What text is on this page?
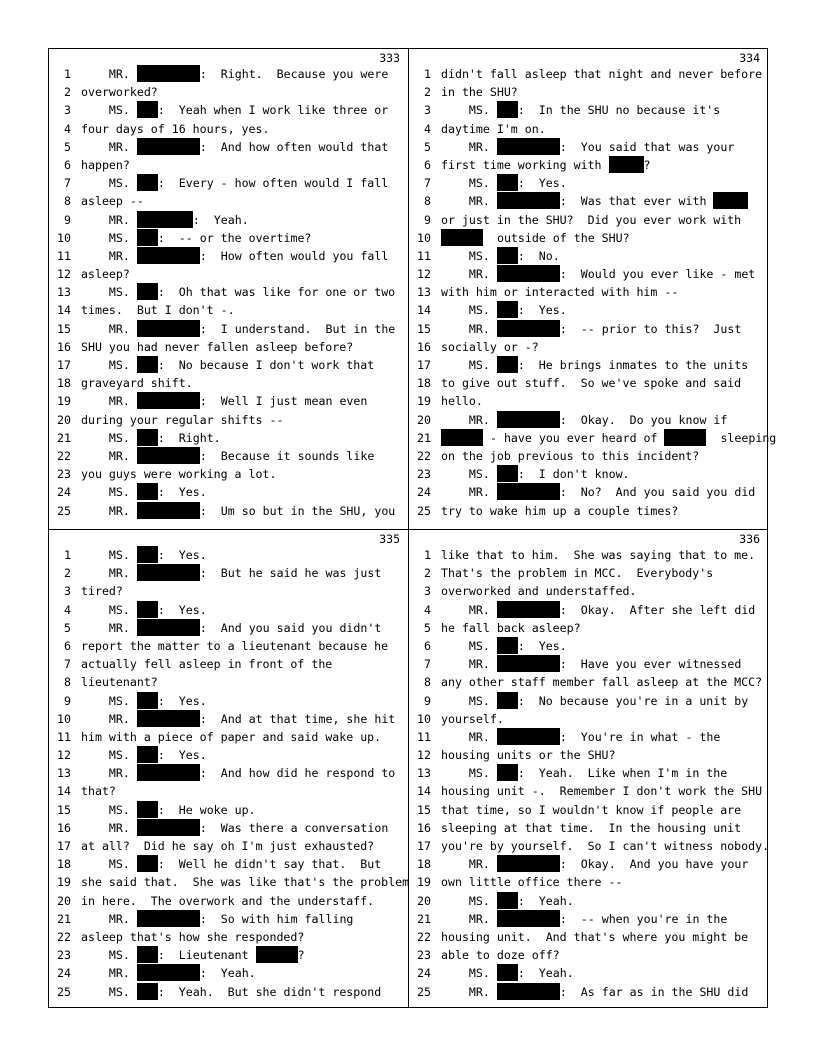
333
1 MR.	:  Right.  Because you were
2 overworked?
3 MS. :  Yeah when I work like three or
4 four days of 16 hours, yes.
5 MR.	:  And how often would that
6 happen?
7 MS. :  Every - how often would I fall
8 asleep --
9 MR.	:  Yeah.
10 MS. :  -- or the overtime?
11 MR.	:  How often would you fall
12 asleep?
13 MS. :  Oh that was like for one or two
14 times.  But I don't -.
15 MR.	:  I understand.  But in the
16 SHU you had never fallen asleep before?
17 MS. :  No because I don't work that
18 graveyard shift.
19 MR.	:  Well I just mean even
20 during your regular shifts --
21 MS. :  Right.
22 MR.	:  Because it sounds like
23 you guys were working a lot.
24 MS. :  Yes.
25 MR.	:  Um so but in the SHU, you
334
1 didn't fall asleep that night and never before
2 in the SHU?
3 MS. :  In the SHU no because it's
4 daytime I'm on.
5 MR.	:  You said that was your
6 first time working with	?
7 MS. :  Yes.
8 MR.	:  Was that ever with
9 or just in the SHU?  Did you ever work with
10	outside of the SHU?
11 MS. :  No.
12 MR.	:  Would you ever like - met
13 with him or interacted with him --
14 MS. :  Yes.
15 MR.	:  -- prior to this?  Just
16 socially or -?
17 MS. :  He brings inmates to the units
18 to give out stuff.  So we've spoke and said
19 hello.
20 MR.	:  Okay.  Do you know if
21	- have you ever heard of	sleeping
22 on the job previous to this incident?
23 MS. :  I don't know.
24 MR.	:  No?  And you said you did
25 try to wake him up a couple times?
335
1 MS. :  Yes.
2 MR.	:  But he said he was just
3 tired?
4 MS. :  Yes.
5 MR.	:  And you said you didn't
6 report the matter to a lieutenant because he
7 actually fell asleep in front of the
8 lieutenant?
9 MS. :  Yes.
10 MR.	:  And at that time, she hit
11 him with a piece of paper and said wake up.
12 MS. :  Yes.
13 MR.	:  And how did he respond to
14 that?
15 MS. :  He woke up.
16 MR.	:  Was there a conversation
17 at all?  Did he say oh I'm just exhausted?
18 MS. :  Well he didn't say that.  But
19 she said that.  She was like that's the problem
20 in here.  The overwork and the understaff.
21 MR.	:  So with him falling
22 asleep that's how she responded?
23 MS. :  Lieutenant	?
24 MR.	:  Yeah.
25 MS. :  Yeah.  But she didn't respond
336
1 like that to him.  She was saying that to me.
2 That's the problem in MCC.  Everybody's
3 overworked and understaffed.
4 MR.	:  Okay.  After she left did
5 he fall back asleep?
6 MS. :  Yes.
7 MR.	:  Have you ever witnessed
8 any other staff member fall asleep at the MCC?
9 MS. :  No because you're in a unit by
10 yourself.
11 MR.	:  You're in what - the
12 housing units or the SHU?
13 MS. :  Yeah.  Like when I'm in the
14 housing unit -.  Remember I don't work the SHU
15 that time, so I wouldn't know if people are
16 sleeping at that time.  In the housing unit
17 you're by yourself.  So I can't witness nobody.
18 MR.	:  Okay.  And you have your
19 own little office there --
20 MS. :  Yeah.
21 MR.	:  -- when you're in the
22 housing unit.  And that's where you might be
23 able to doze off?
24 MS. :  Yeah.
25 MR.	:  As far as in the SHU did
